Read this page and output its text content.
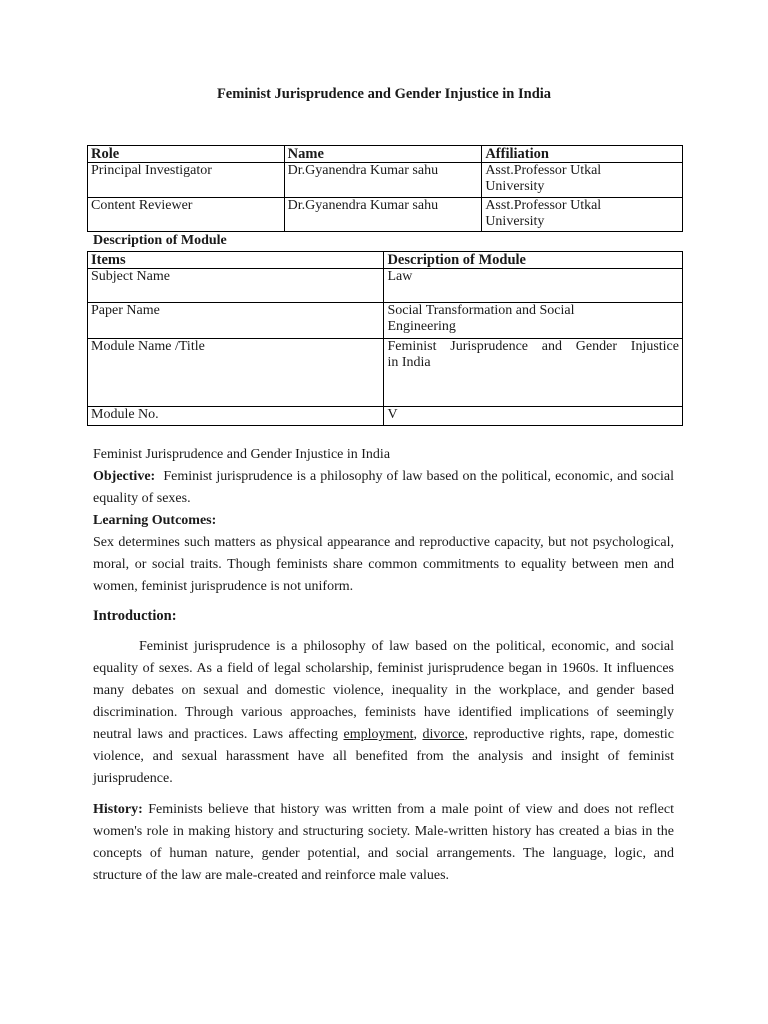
Feminist Jurisprudence and Gender Injustice in India
Role	Name	Affiliation
Principal Investigator	Dr.Gyanendra Kumar sahu	Asst.Professor Utkal
University

Content Reviewer	Dr.Gyanendra Kumar sahu	Asst.Professor Utkal
University
Description of Module
Items	Description of Module
Subject Name	Law

Paper Name	Social Transformation and Social
Engineering

Module Name /Title	Feminist Jurisprudence and Gender Injustice
in India

Module No.	V

Feminist Jurisprudence and Gender Injustice in India

Objective: Feminist jurisprudence is a philosophy of law based on the political, economic, and social equality of sexes.

Learning Outcomes:

Sex determines such matters as physical appearance and reproductive capacity, but not psychological, moral, or social traits. Though feminists share common commitments to equality between men and women, feminist jurisprudence is not uniform.

Introduction:

Feminist jurisprudence is a philosophy of law based on the political, economic, and social equality of sexes. As a field of legal scholarship, feminist jurisprudence began in 1960s. It influences many debates on sexual and domestic violence, inequality in the workplace, and gender based discrimination. Through various approaches, feminists have identified implications of seemingly neutral laws and practices. Laws affecting employment, divorce, reproductive rights, rape, domestic violence, and sexual harassment have all benefited from the analysis and insight of feminist jurisprudence.

History: Feminists believe that history was written from a male point of view and does not reflect women's role in making history and structuring society. Male-written history has created a bias in the concepts of human nature, gender potential, and social arrangements. The language, logic, and structure of the law are male-created and reinforce male values.
